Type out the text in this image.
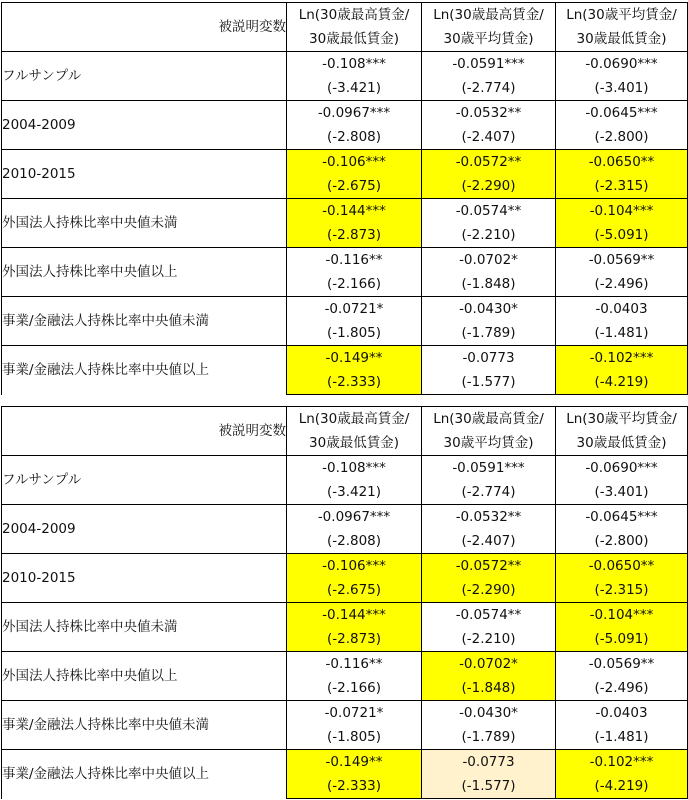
被説明変数	Ln(30歳最高賃金/	Ln(30歳最高賃金/	Ln(30歳平均賃金/
	30歳最低賃金)	30歳平均賃金)	30歳最低賃金)
フルサンプル	-0.108***	-0.0591***	-0.0690***
	(-3.421)	(-2.774)	(-3.401)
2004-2009	-0.0967***	-0.0532**	-0.0645***
	(-2.808)	(-2.407)	(-2.800)
2010-2015	-0.106***	-0.0572**	-0.0650**
	(-2.675)	(-2.290)	(-2.315)
外国法人持株比率中央値未満	-0.144***	-0.0574**	-0.104***
	(-2.873)	(-2.210)	(-5.091)
外国法人持株比率中央値以上	-0.116**	-0.0702*	-0.0569**
	(-2.166)	(-1.848)	(-2.496)
事業/金融法人持株比率中央値未満	-0.0721*	-0.0430*	-0.0403
	(-1.805)	(-1.789)	(-1.481)
事業/金融法人持株比率中央値以上	-0.149**	-0.0773	-0.102***
	(-2.333)	(-1.577)	(-4.219)
被説明変数	Ln(30歳最高賃金/	Ln(30歳最高賃金/	Ln(30歳平均賃金/
	30歳最低賃金)	30歳平均賃金)	30歳最低賃金)
フルサンプル	-0.108***	-0.0591***	-0.0690***
	(-3.421)	(-2.774)	(-3.401)
2004-2009	-0.0967***	-0.0532**	-0.0645***
	(-2.808)	(-2.407)	(-2.800)
2010-2015	-0.106***	-0.0572**	-0.0650**
	(-2.675)	(-2.290)	(-2.315)
外国法人持株比率中央値未満	-0.144***	-0.0574**	-0.104***
	(-2.873)	(-2.210)	(-5.091)
外国法人持株比率中央値以上	-0.116**	-0.0702*	-0.0569**
	(-2.166)	(-1.848)	(-2.496)
事業/金融法人持株比率中央値未満	-0.0721*	-0.0430*	-0.0403
	(-1.805)	(-1.789)	(-1.481)
事業/金融法人持株比率中央値以上	-0.149**	-0.0773	-0.102***
	(-2.333)	(-1.577)	(-4.219)
